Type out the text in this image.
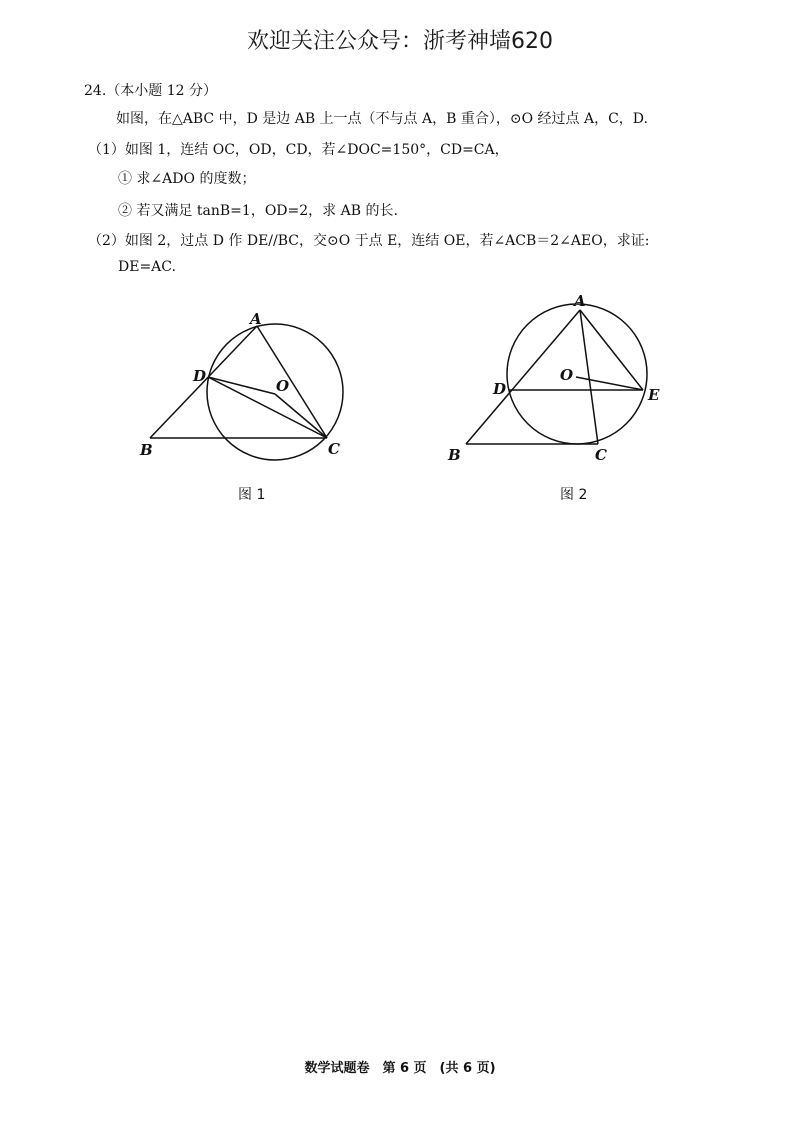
欢迎关注公众号：浙考神墙620
24.（本小题 12 分）
如图，在△ABC 中，D 是边 AB 上一点（不与点 A，B 重合），⊙O 经过点 A，C，D.
（1）如图 1，连结 OC，OD，CD，若∠DOC=150°，CD=CA，
① 求∠ADO 的度数；
② 若又满足 tanB=1，OD=2，求 AB 的长.
（2）如图 2，过点 D 作 DE//BC，交⊙O 于点 E，连结 OE，若∠ACB＝2∠AEO，求证:
DE=AC.
A
D
O
B	C
图 1
A
D
O
E
B	C
图 2
数学试题卷　第 6 页　(共 6 页)
